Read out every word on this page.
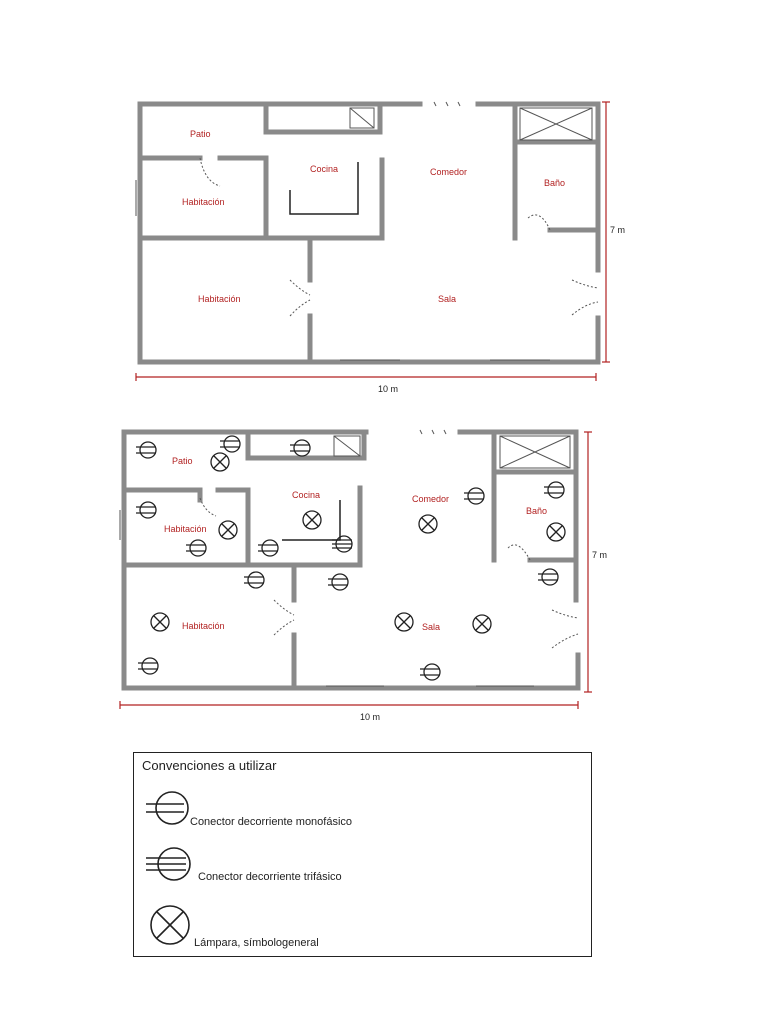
7 m
10 m
Patio
Cocina	Comedor
Baño
Habitación
Habitación	Sala
7 m
10 m
Patio
Cocina	Comedor
Baño
Habitación
Habitación	Sala
Convenciones a utilizar
Conector decorriente monofásico
Conector decorriente trifásico
Lámpara, símbologeneral
